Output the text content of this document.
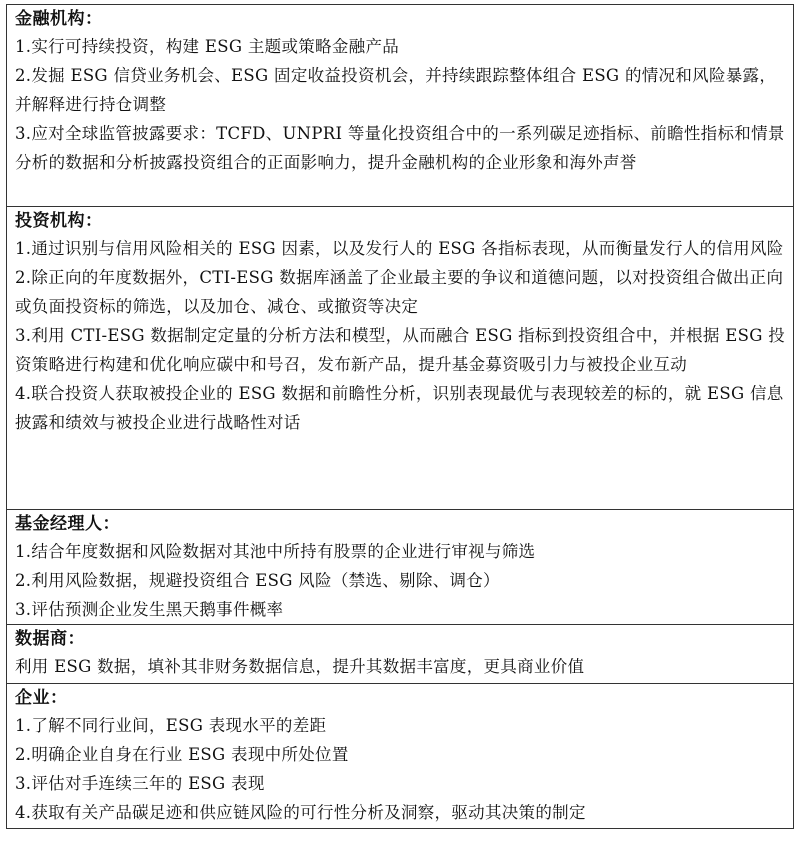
金融机构：
1.实行可持续投资，构建 ESG 主题或策略金融产品
2.发掘 ESG 信贷业务机会、ESG 固定收益投资机会，并持续跟踪整体组合 ESG 的情况和风险暴露，并解释进行持仓调整
3.应对全球监管披露要求：TCFD、UNPRI 等量化投资组合中的一系列碳足迹指标、前瞻性指标和情景分析的数据和分析披露投资组合的正面影响力，提升金融机构的企业形象和海外声誉

投资机构：
1.通过识别与信用风险相关的 ESG 因素，以及发行人的 ESG 各指标表现，从而衡量发行人的信用风险
2.除正向的年度数据外，CTI-ESG 数据库涵盖了企业最主要的争议和道德问题，以对投资组合做出正向或负面投资标的筛选，以及加仓、减仓、或撤资等决定
3.利用 CTI-ESG 数据制定定量的分析方法和模型，从而融合 ESG 指标到投资组合中，并根据 ESG 投资策略进行构建和优化响应碳中和号召，发布新产品，提升基金募资吸引力与被投企业互动
4.联合投资人获取被投企业的 ESG 数据和前瞻性分析，识别表现最优与表现较差的标的，就 ESG 信息披露和绩效与被投企业进行战略性对话

基金经理人：
1.结合年度数据和风险数据对其池中所持有股票的企业进行审视与筛选
2.利用风险数据，规避投资组合 ESG 风险（禁选、剔除、调仓）
3.评估预测企业发生黑天鹅事件概率

数据商：
利用 ESG 数据，填补其非财务数据信息，提升其数据丰富度，更具商业价值

企业：
1.了解不同行业间，ESG 表现水平的差距
2.明确企业自身在行业 ESG 表现中所处位置
3.评估对手连续三年的 ESG 表现
4.获取有关产品碳足迹和供应链风险的可行性分析及洞察，驱动其决策的制定
